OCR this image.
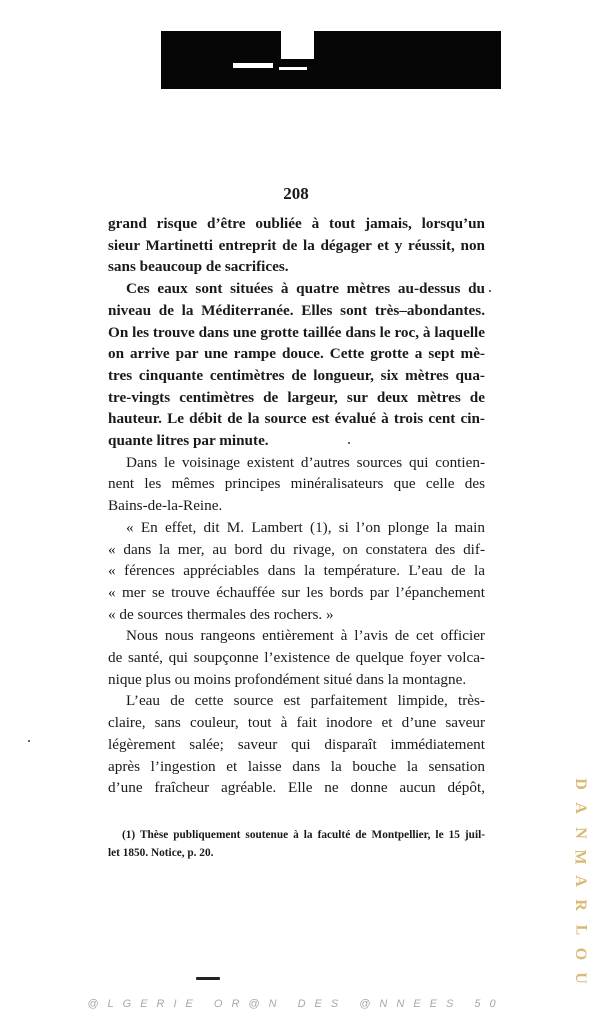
208

grand risque d’être oubliée à tout jamais, lorsqu’un
sieur Martinetti entreprit de la dégager et y réussit, non
sans beaucoup de sacrifices.
Ces eaux sont situées à quatre mètres au-dessus du
niveau de la Méditerranée. Elles sont très–abondantes.
On les trouve dans une grotte taillée dans le roc, à laquelle
on arrive par une rampe douce. Cette grotte a sept mè-
tres cinquante centimètres de longueur, six mètres qua-
tre-vingts centimètres de largeur, sur deux mètres de
hauteur. Le débit de la source est évalué à trois cent cin-
quante litres par minute.
Dans le voisinage existent d’autres sources qui contien-
nent les mêmes principes minéralisateurs que celle des
Bains-de-la-Reine.
« En effet, dit M. Lambert (1), si l’on plonge la main
« dans la mer, au bord du rivage, on constatera des dif-
« férences appréciables dans la température. L’eau de la
« mer se trouve échauffée sur les bords par l’épanchement
« de sources thermales des rochers. »
Nous nous rangeons entièrement à l’avis de cet officier
de santé, qui soupçonne l’existence de quelque foyer volca-
nique plus ou moins profondément situé dans la montagne.
L’eau de cette source est parfaitement limpide, très-
claire, sans couleur, tout à fait inodore et d’une saveur
légèrement salée; saveur qui disparaît immédiatement
après l’ingestion et laisse dans la bouche la sensation
d’une fraîcheur agréable. Elle ne donne aucun dépôt,
(1) Thèse publiquement soutenue à la faculté de Montpellier, le 15 juil-
let 1850. Notice, p. 20.
D
A
N
M
A
R
L
O
U

@LGERIE OR@N DES @NNEES 50
